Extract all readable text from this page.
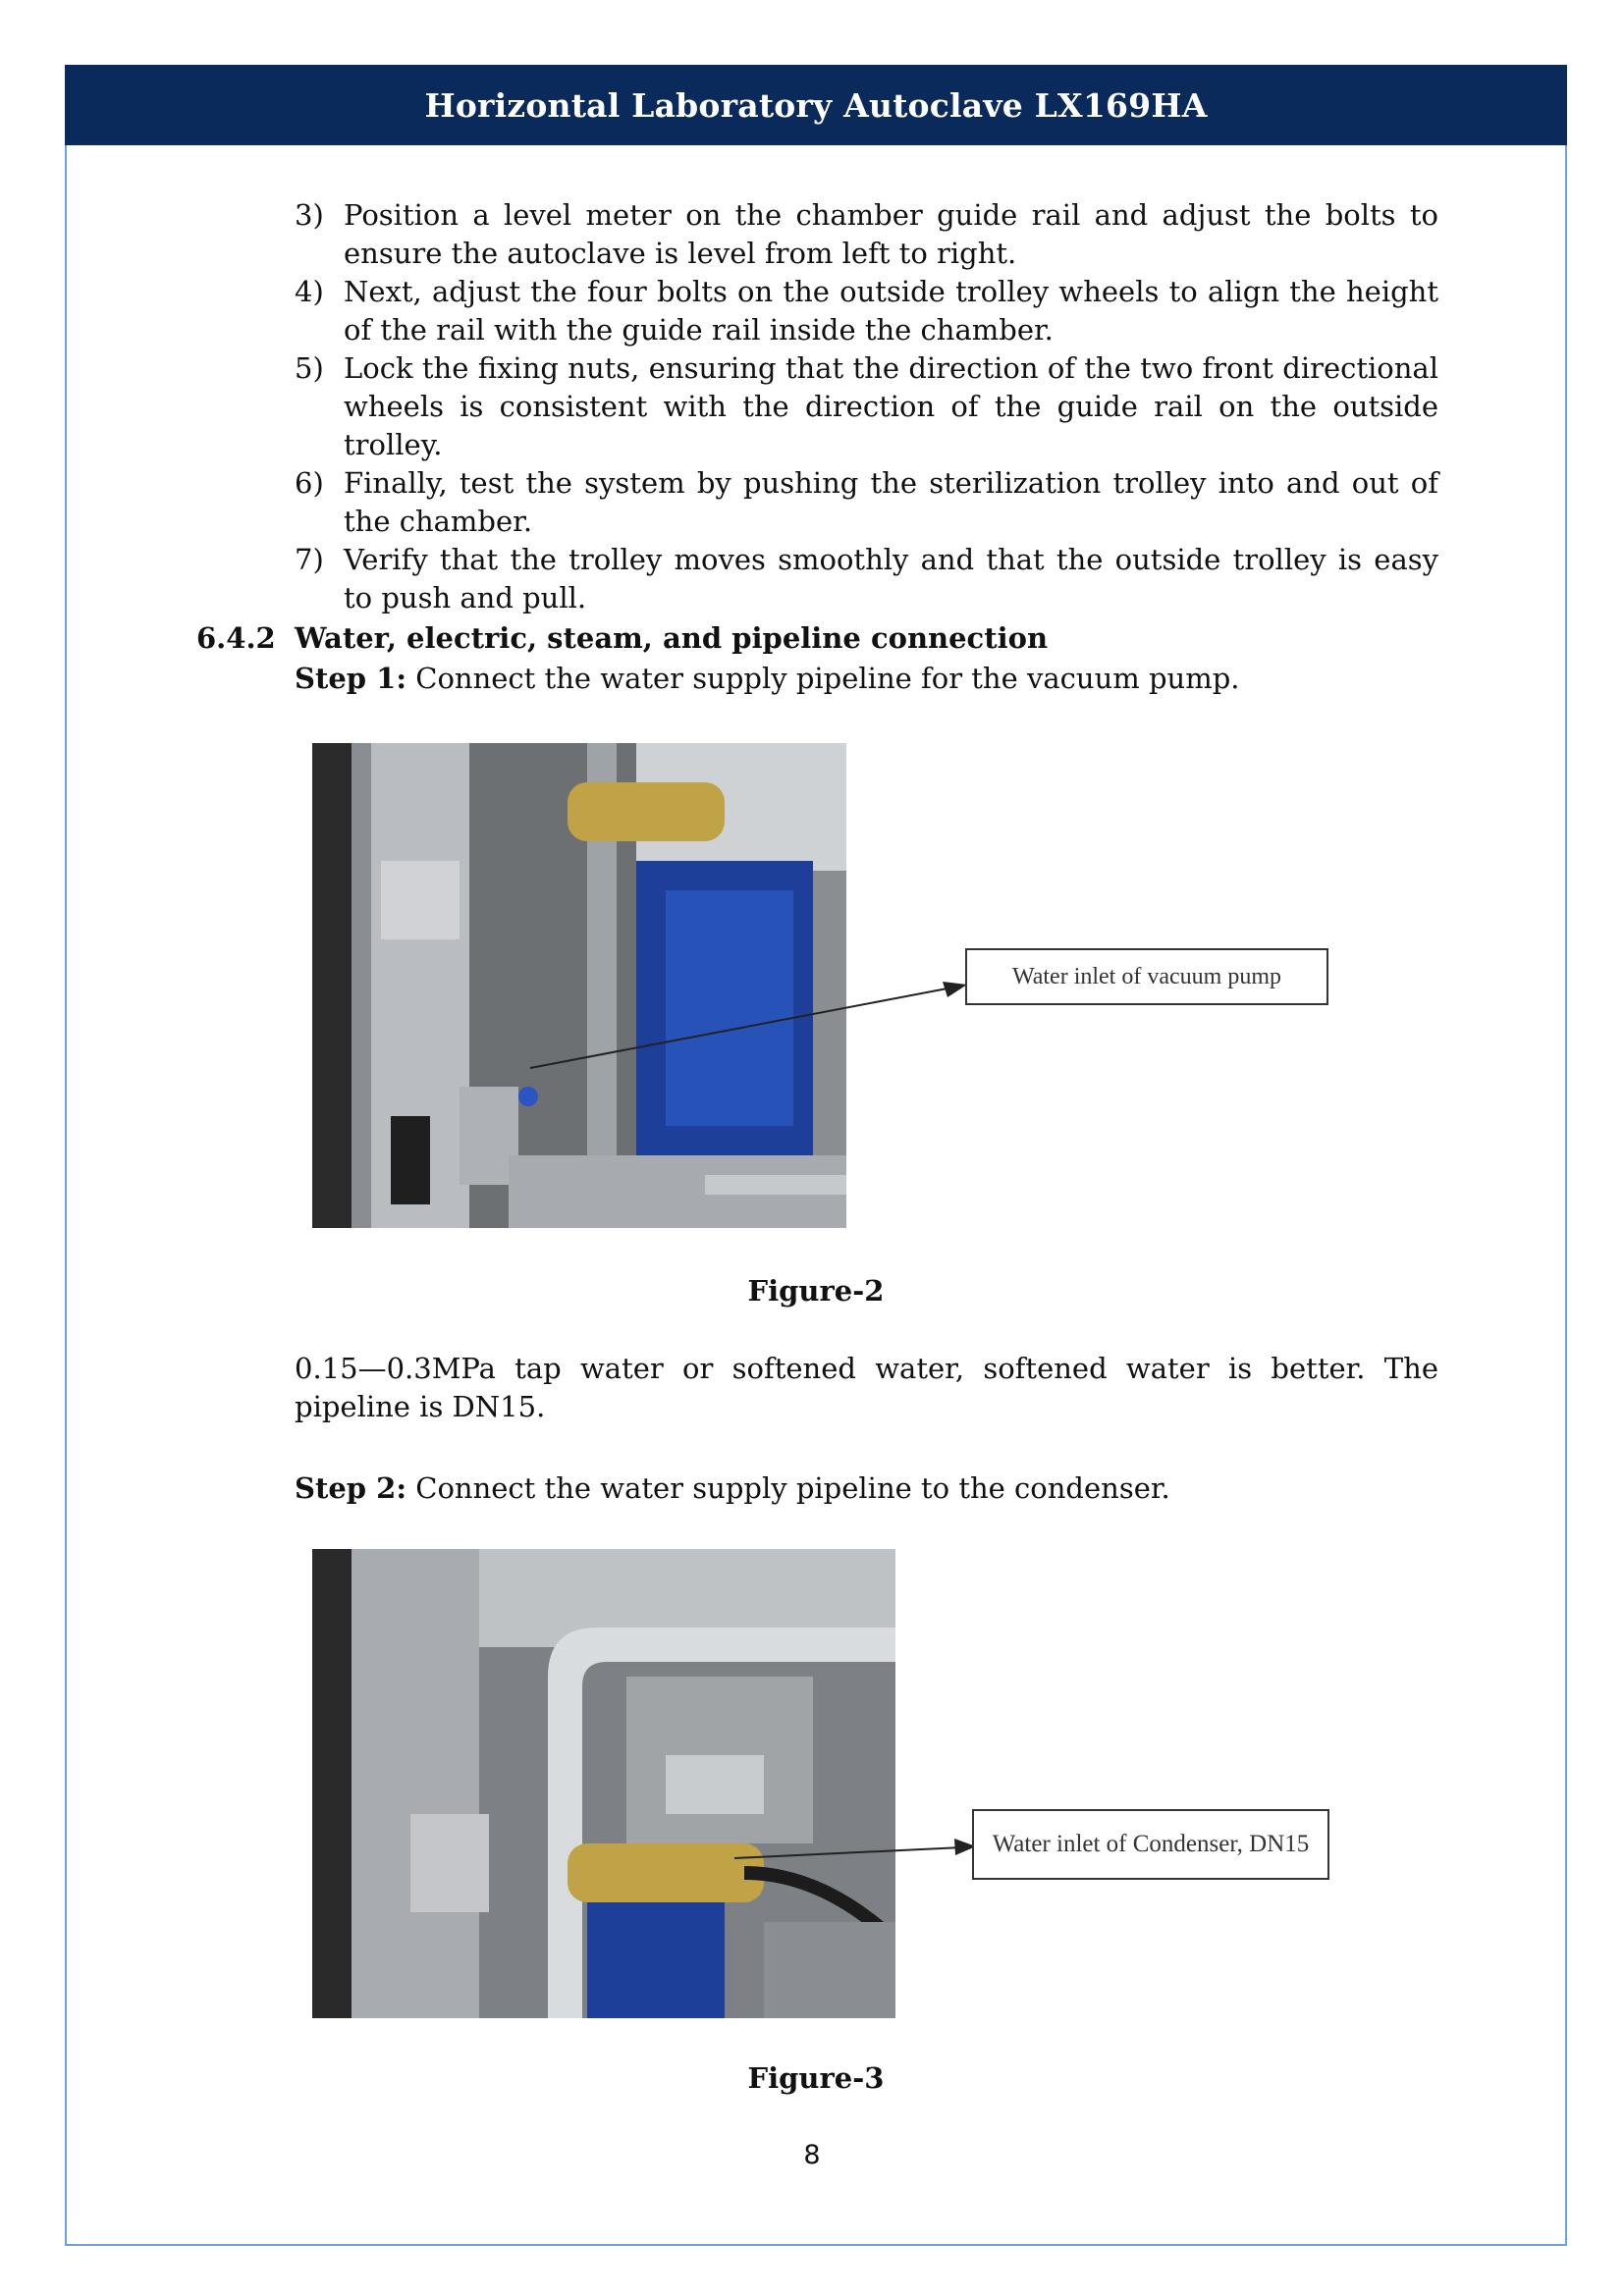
Horizontal Laboratory Autoclave LX169HA
3) Position a level meter on the chamber guide rail and adjust the bolts to ensure the autoclave is level from left to right.
4) Next, adjust the four bolts on the outside trolley wheels to align the height of the rail with the guide rail inside the chamber.
5) Lock the fixing nuts, ensuring that the direction of the two front directional wheels is consistent with the direction of the guide rail on the outside trolley.
6) Finally, test the system by pushing the sterilization trolley into and out of the chamber.
7) Verify that the trolley moves smoothly and that the outside trolley is easy to push and pull.
6.4.2 Water, electric, steam, and pipeline connection
Step 1: Connect the water supply pipeline for the vacuum pump.
Water inlet of vacuum pump
Figure-2
0.15—0.3MPa tap water or softened water, softened water is better. The pipeline is DN15.
Step 2: Connect the water supply pipeline to the condenser.
Water inlet of Condenser, DN15
Figure-3
8
